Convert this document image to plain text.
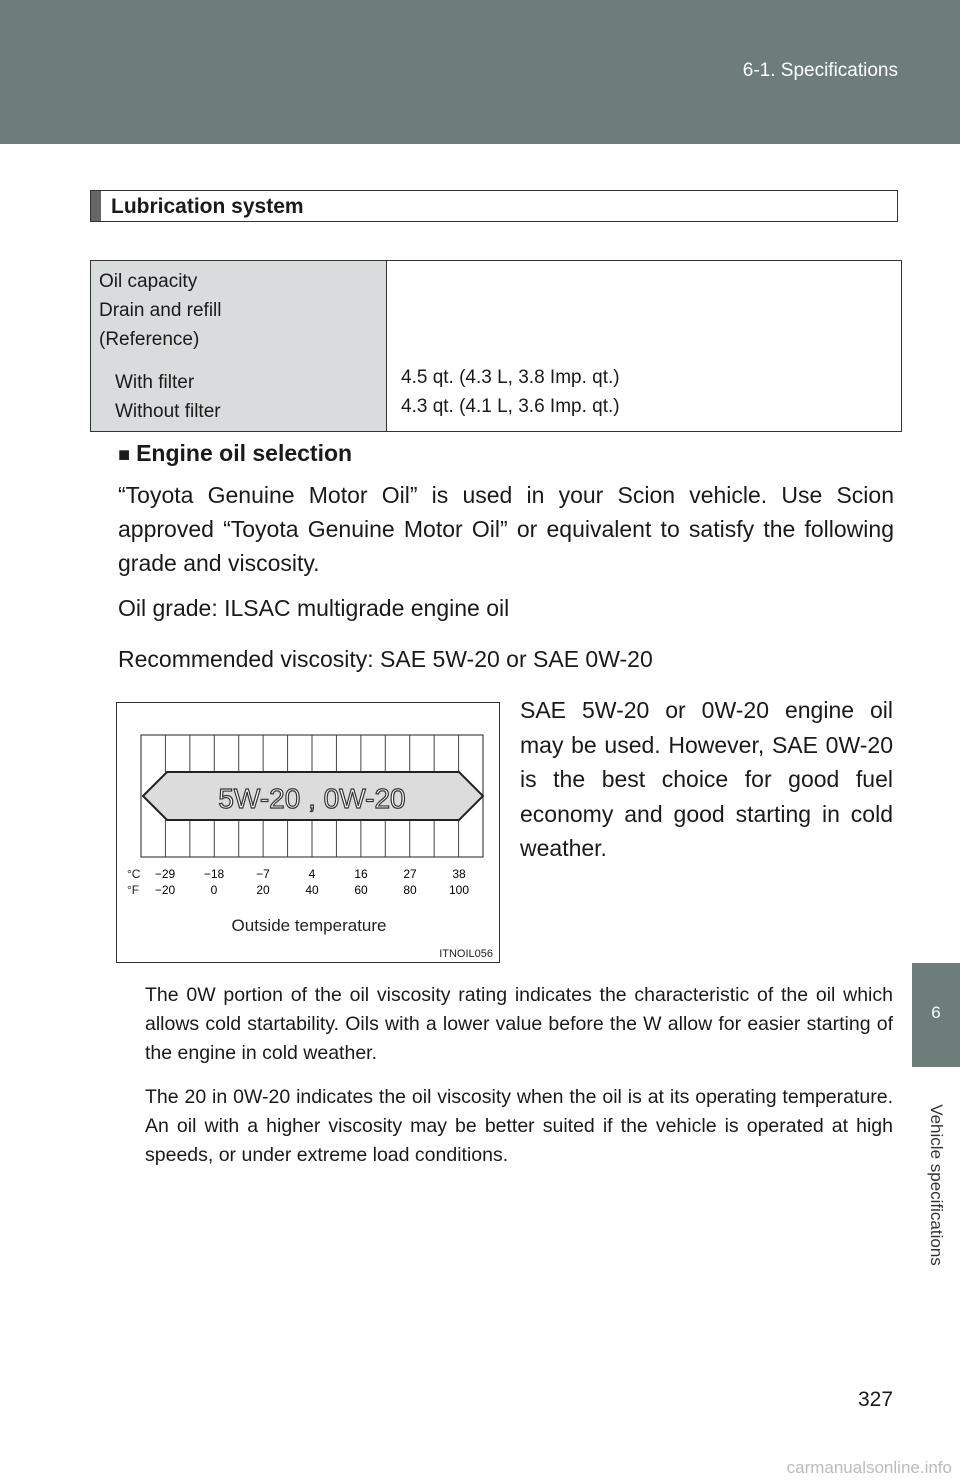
6-1. Specifications
6
Vehicle specifications
Lubrication system
Oil capacity
Drain and refill
(Reference)
With filter
Without filter
4.5 qt. (4.3 L, 3.8 Imp. qt.)
4.3 qt. (4.1 L, 3.6 Imp. qt.)
■ Engine oil selection
“Toyota Genuine Motor Oil” is used in your Scion vehicle. Use Scion approved “Toyota Genuine Motor Oil” or equivalent to satisfy the following grade and viscosity.
Oil grade: ILSAC multigrade engine oil
Recommended viscosity: SAE 5W-20 or SAE 0W-20
SAE 5W-20 or 0W-20 engine oil may be used. However, SAE 0W-20 is the best choice for good fuel economy and good starting in cold weather.
5W-20 , 0W-20
°C
°F
−29
−20
−18
0
−7
20
4
40
16
60
27
80
38
100
Outside temperature
ITNOIL056
The 0W portion of the oil viscosity rating indicates the characteristic of the oil which allows cold startability. Oils with a lower value before the W allow for easier starting of the engine in cold weather.
The 20 in 0W-20 indicates the oil viscosity when the oil is at its operating temperature. An oil with a higher viscosity may be better suited if the vehicle is operated at high speeds, or under extreme load conditions.
327
carmanualsonline.info
